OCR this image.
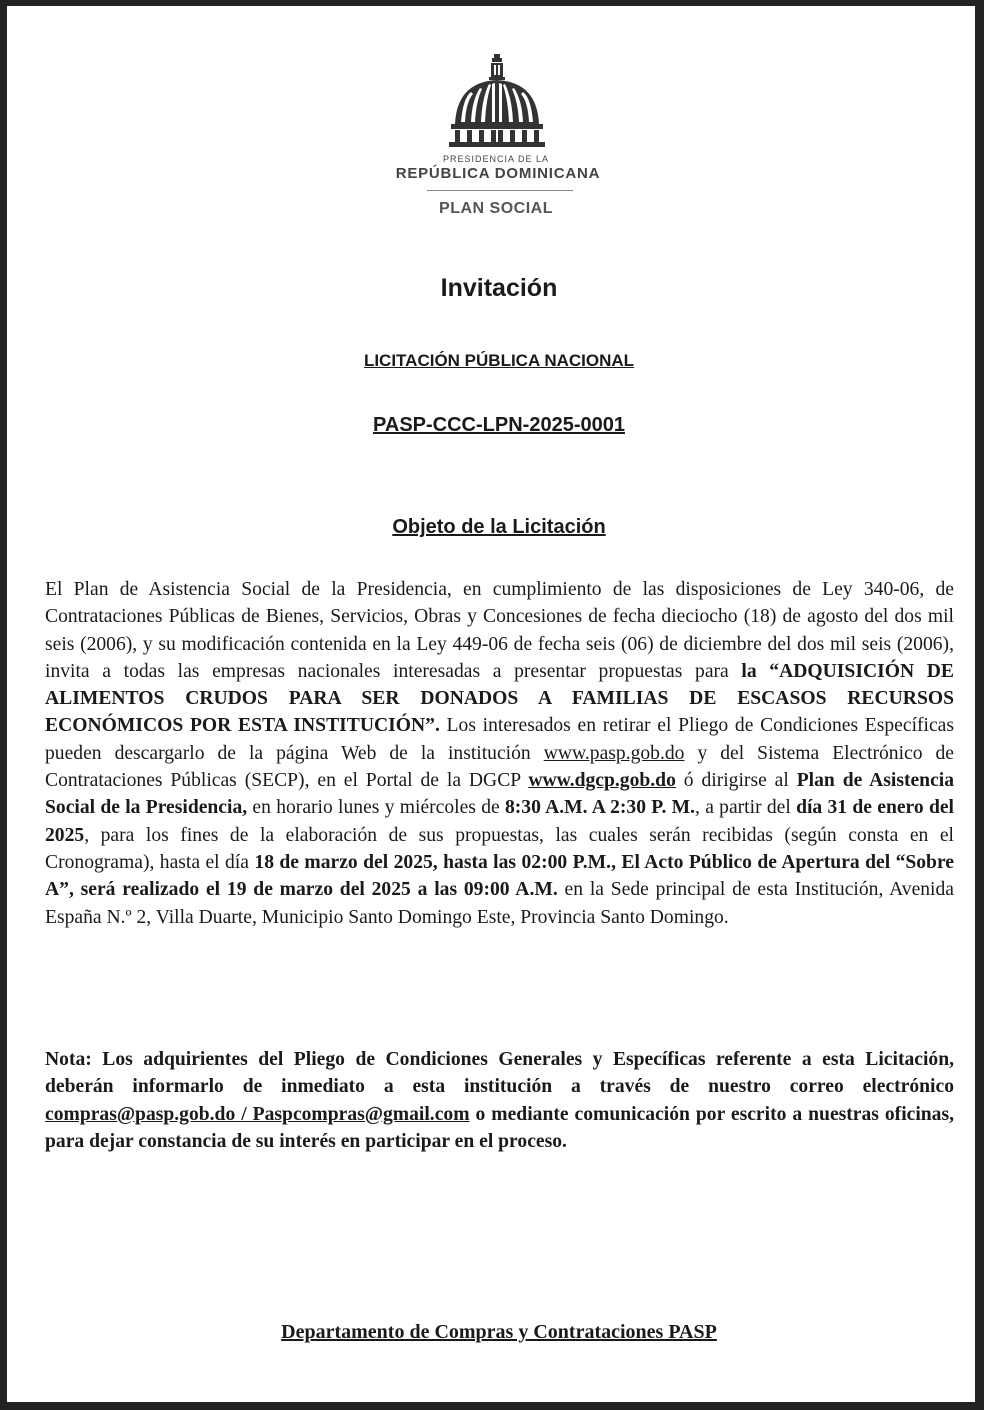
PRESIDENCIA DE LA
REPÚBLICA DOMINICANA
PLAN SOCIAL
Invitación
LICITACIÓN PÚBLICA NACIONAL
PASP-CCC-LPN-2025-0001
Objeto de la Licitación
El Plan de Asistencia Social de la Presidencia, en cumplimiento de las disposiciones de Ley 340-06, de Contrataciones Públicas de Bienes, Servicios, Obras y Concesiones de fecha dieciocho (18) de agosto del dos mil seis (2006), y su modificación contenida en la Ley 449-06 de fecha seis (06) de diciembre del dos mil seis (2006), invita a todas las empresas nacionales interesadas a presentar propuestas para la “ADQUISICIÓN DE ALIMENTOS CRUDOS PARA SER DONADOS A FAMILIAS DE ESCASOS RECURSOS ECONÓMICOS POR ESTA INSTITUCIÓN”. Los interesados en retirar el Pliego de Condiciones Específicas pueden descargarlo de la página Web de la institución www.pasp.gob.do y del Sistema Electrónico de Contrataciones Públicas (SECP), en el Portal de la DGCP www.dgcp.gob.do ó dirigirse al Plan de Asistencia Social de la Presidencia, en horario lunes y miércoles de 8:30 A.M. A 2:30 P. M., a partir del día 31 de enero del 2025, para los fines de la elaboración de sus propuestas, las cuales serán recibidas (según consta en el Cronograma), hasta el día 18 de marzo del 2025, hasta las 02:00 P.M., El Acto Público de Apertura del “Sobre A”, será realizado el 19 de marzo del 2025 a las 09:00 A.M. en la Sede principal de esta Institución, Avenida España N.º 2, Villa Duarte, Municipio Santo Domingo Este, Provincia Santo Domingo.
Nota: Los adquirientes del Pliego de Condiciones Generales y Específicas referente a esta Licitación, deberán informarlo de inmediato a esta institución a través de nuestro correo electrónico compras@pasp.gob.do / Paspcompras@gmail.com o mediante comunicación por escrito a nuestras oficinas, para dejar constancia de su interés en participar en el proceso.
Departamento de Compras y Contrataciones PASP
